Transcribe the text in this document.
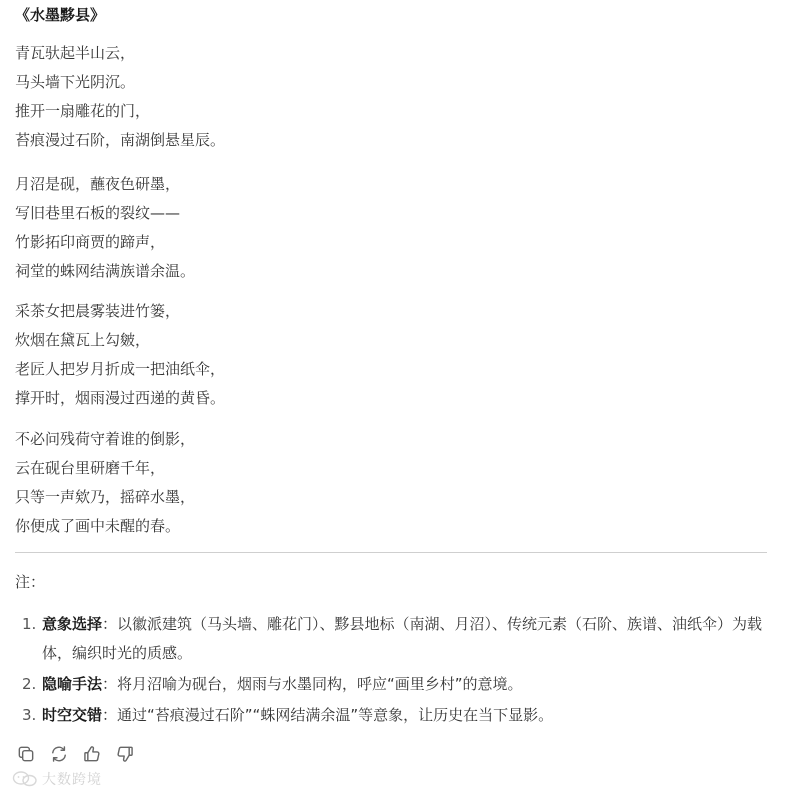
《水墨黟县》
青瓦驮起半山云，
马头墙下光阴沉。
推开一扇雕花的门，
苔痕漫过石阶，南湖倒悬星辰。
月沼是砚，蘸夜色研墨，
写旧巷里石板的裂纹——
竹影拓印商贾的蹄声，
祠堂的蛛网结满族谱余温。
采茶女把晨雾装进竹篓，
炊烟在黛瓦上勾皴，
老匠人把岁月折成一把油纸伞，
撑开时，烟雨漫过西递的黄昏。
不必问残荷守着谁的倒影，
云在砚台里研磨千年，
只等一声欸乃，摇碎水墨，
你便成了画中未醒的春。
注：
1. 意象选择：以徽派建筑（马头墙、雕花门）、黟县地标（南湖、月沼）、传统元素（石阶、族谱、油纸伞）为载体，编织时光的质感。
2. 隐喻手法：将月沼喻为砚台，烟雨与水墨同构，呼应“画里乡村”的意境。
3. 时空交错：通过“苔痕漫过石阶”“蛛网结满余温”等意象，让历史在当下显影。
大数跨境
